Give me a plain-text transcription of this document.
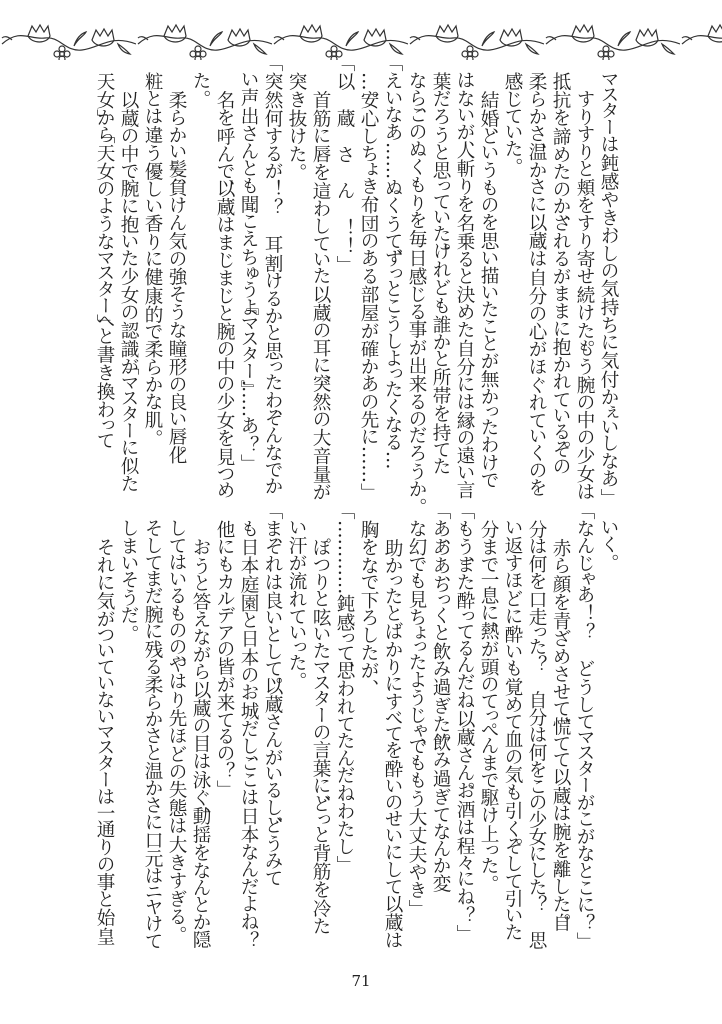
マスターは鈍感やき、わしの気持ちに気付かぇいしなあ」
　すりすりと頬をすり寄せ続けた。もう腕の中の少女は
抵抗を諦めたのか、されるがままに抱かれている。その
柔らかさ、温かさに以蔵は自分の心がほぐれていくのを
感じていた。
　結婚、というものを思い描いたことが無かったわけで
はないが、人斬りを名乗ると決めた自分には縁の遠い言
葉だろうと思っていた。けれども誰かと所帯を持てた
なら、このぬくもりを毎日感じる事が出来るのだろうか。
「えいなあ……ぬくうて、ずっとこうしよったくなる…
…。安心しちょき、布団のある部屋が確かあの先に……」
「以　蔵　さ　ん　！！」
　首筋に唇を這わしていた以蔵の耳に、突然の大音量が
突き抜けた。
「突然何するが！？　耳割けるかと思ったわ、そんなでか
い声出さんとも聞こえちゅうよ『マスター』……あ？」
　名を呼んで、以蔵はまじまじと腕の中の少女を見つめ
た。
　柔らかい髪、負けん気の強そうな瞳、形の良い唇。化
粧とは違う優しい香りに健康的で柔らかな肌。
　以蔵の中で腕に抱いた少女の認識が「マスターに似た
天女」から「天女のようなマスター」へと書き換わって
いく。
「なんじゃあ！？　どうしてマスターがこがなとこに？」
　赤ら顔を青ざめさせて、慌てて以蔵は腕を離した。自
分は何を口走った？　自分は何をこの少女にした？　思
い返すほどに酔いも覚めて血の気も引く。そして引いた
分まで一息に、熱が頭のてっぺんまで駆け上った。
「もう、また酔ってるんだね以蔵さん。お酒は程々にね？」
「あ、ああ、ちっくと飲み過ぎた。飲み過ぎてなんか変
な幻でも見ちょったようじゃ、でももう大丈夫やき」
　助かったとばかりにすべてを酔いのせいにして以蔵は
胸をなで下ろしたが、
「…………鈍感って、思われてたんだねわたし」
　ぽつりと呟いたマスターの言葉に、どっと背筋を冷た
い汗が流れていった。
「ま、それは良いとして。以蔵さんがいるし、どうみて
も日本庭園と日本のお城だし、ここは日本なんだよね？
他にもカルデアの皆が来てるの？」
　おうと答えながら以蔵の目は泳ぐ、動揺をなんとか隠
してはいるものの、やはり先ほどの失態は大きすぎる。
そしてまだ腕に残る柔らかさと温かさに口元はニヤけて
しまいそうだ。
　それに気がついていないマスターは一通りの事と始皇
71
